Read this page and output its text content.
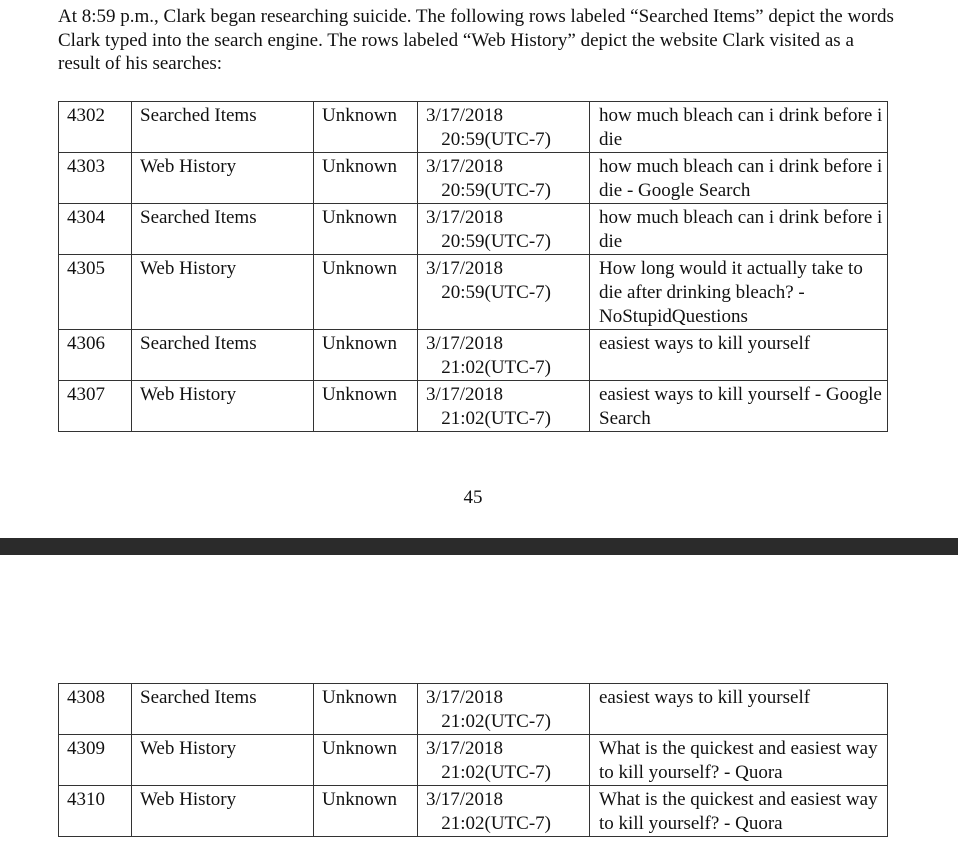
At 8:59 p.m., Clark began researching suicide. The following rows labeled “Searched Items” depict the words Clark typed into the search engine. The rows labeled “Web History” depict the website Clark visited as a result of his searches:

4302	Searched Items	Unknown	3/17/2018
20:59(UTC-7)	how much bleach can i drink before i die
4303	Web History	Unknown	3/17/2018
20:59(UTC-7)	how much bleach can i drink before i die - Google Search
4304	Searched Items	Unknown	3/17/2018
20:59(UTC-7)	how much bleach can i drink before i die
4305	Web History	Unknown	3/17/2018
20:59(UTC-7)	How long would it actually take to die after drinking bleach? - NoStupidQuestions
4306	Searched Items	Unknown	3/17/2018
21:02(UTC-7)	easiest ways to kill yourself
4307	Web History	Unknown	3/17/2018
21:02(UTC-7)	easiest ways to kill yourself - Google Search
45
4308	Searched Items	Unknown	3/17/2018
21:02(UTC-7)	easiest ways to kill yourself
4309	Web History	Unknown	3/17/2018
21:02(UTC-7)	What is the quickest and easiest way to kill yourself? - Quora
4310	Web History	Unknown	3/17/2018
21:02(UTC-7)	What is the quickest and easiest way to kill yourself? - Quora
